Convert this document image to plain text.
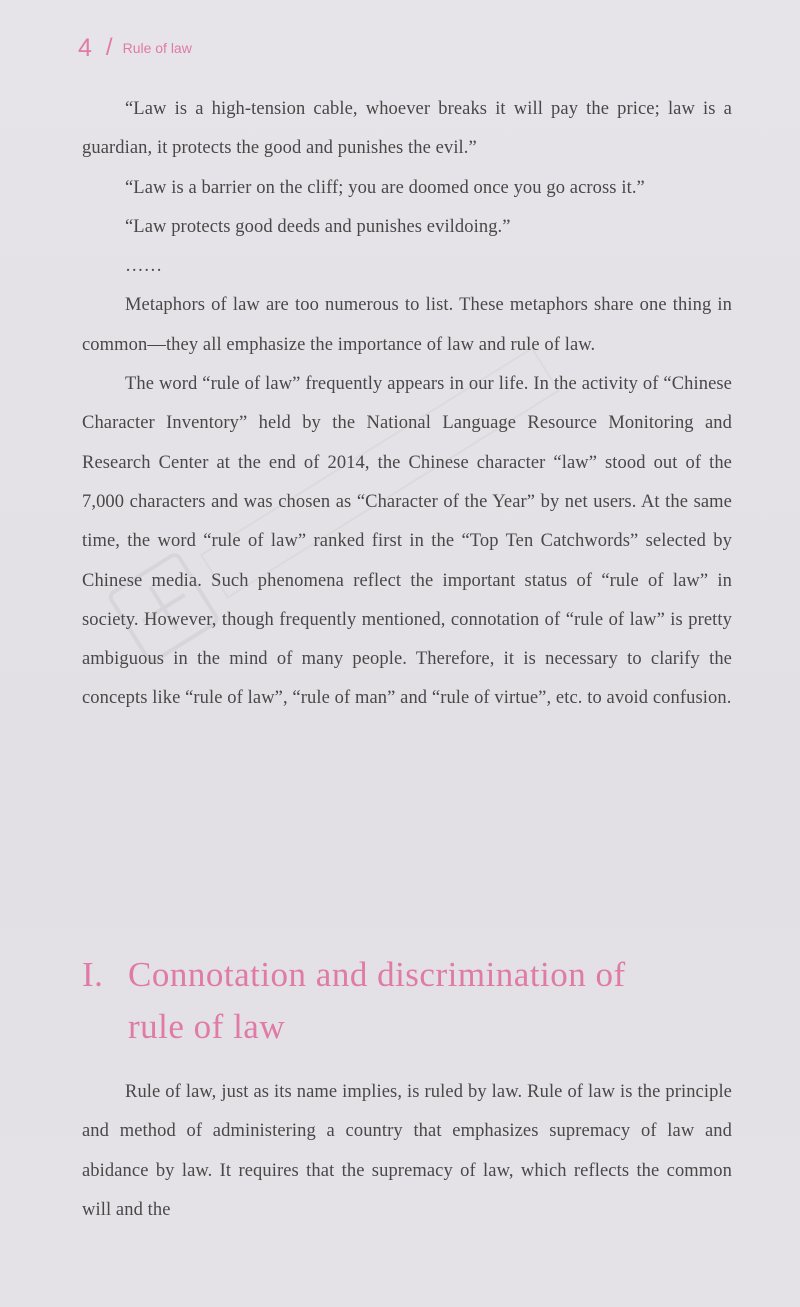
4 / Rule of law

“Law is a high-tension cable, whoever breaks it will pay the price; law is a guardian, it protects the good and punishes the evil.”

“Law is a barrier on the cliff; you are doomed once you go across it.”

“Law protects good deeds and punishes evildoing.”

……

Metaphors of law are too numerous to list. These metaphors share one thing in common—they all emphasize the importance of law and rule of law.

The word “rule of law” frequently appears in our life. In the activity of “Chinese Character Inventory” held by the National Language Resource Monitoring and Research Center at the end of 2014, the Chinese character “law” stood out of the 7,000 characters and was chosen as “Character of the Year” by net users. At the same time, the word “rule of law” ranked first in the “Top Ten Catchwords” selected by Chinese media. Such phenomena reflect the important status of “rule of law” in society. However, though frequently mentioned, connotation of “rule of law” is pretty ambiguous in the mind of many people. Therefore, it is necessary to clarify the concepts like “rule of law”, “rule of man” and “rule of virtue”, etc. to avoid confusion.

I. Connotation and discrimination of
rule of law

Rule of law, just as its name implies, is ruled by law. Rule of law is the principle and method of administering a country that emphasizes supremacy of law and abidance by law. It requires that the supremacy of law, which reflects the common will and the
